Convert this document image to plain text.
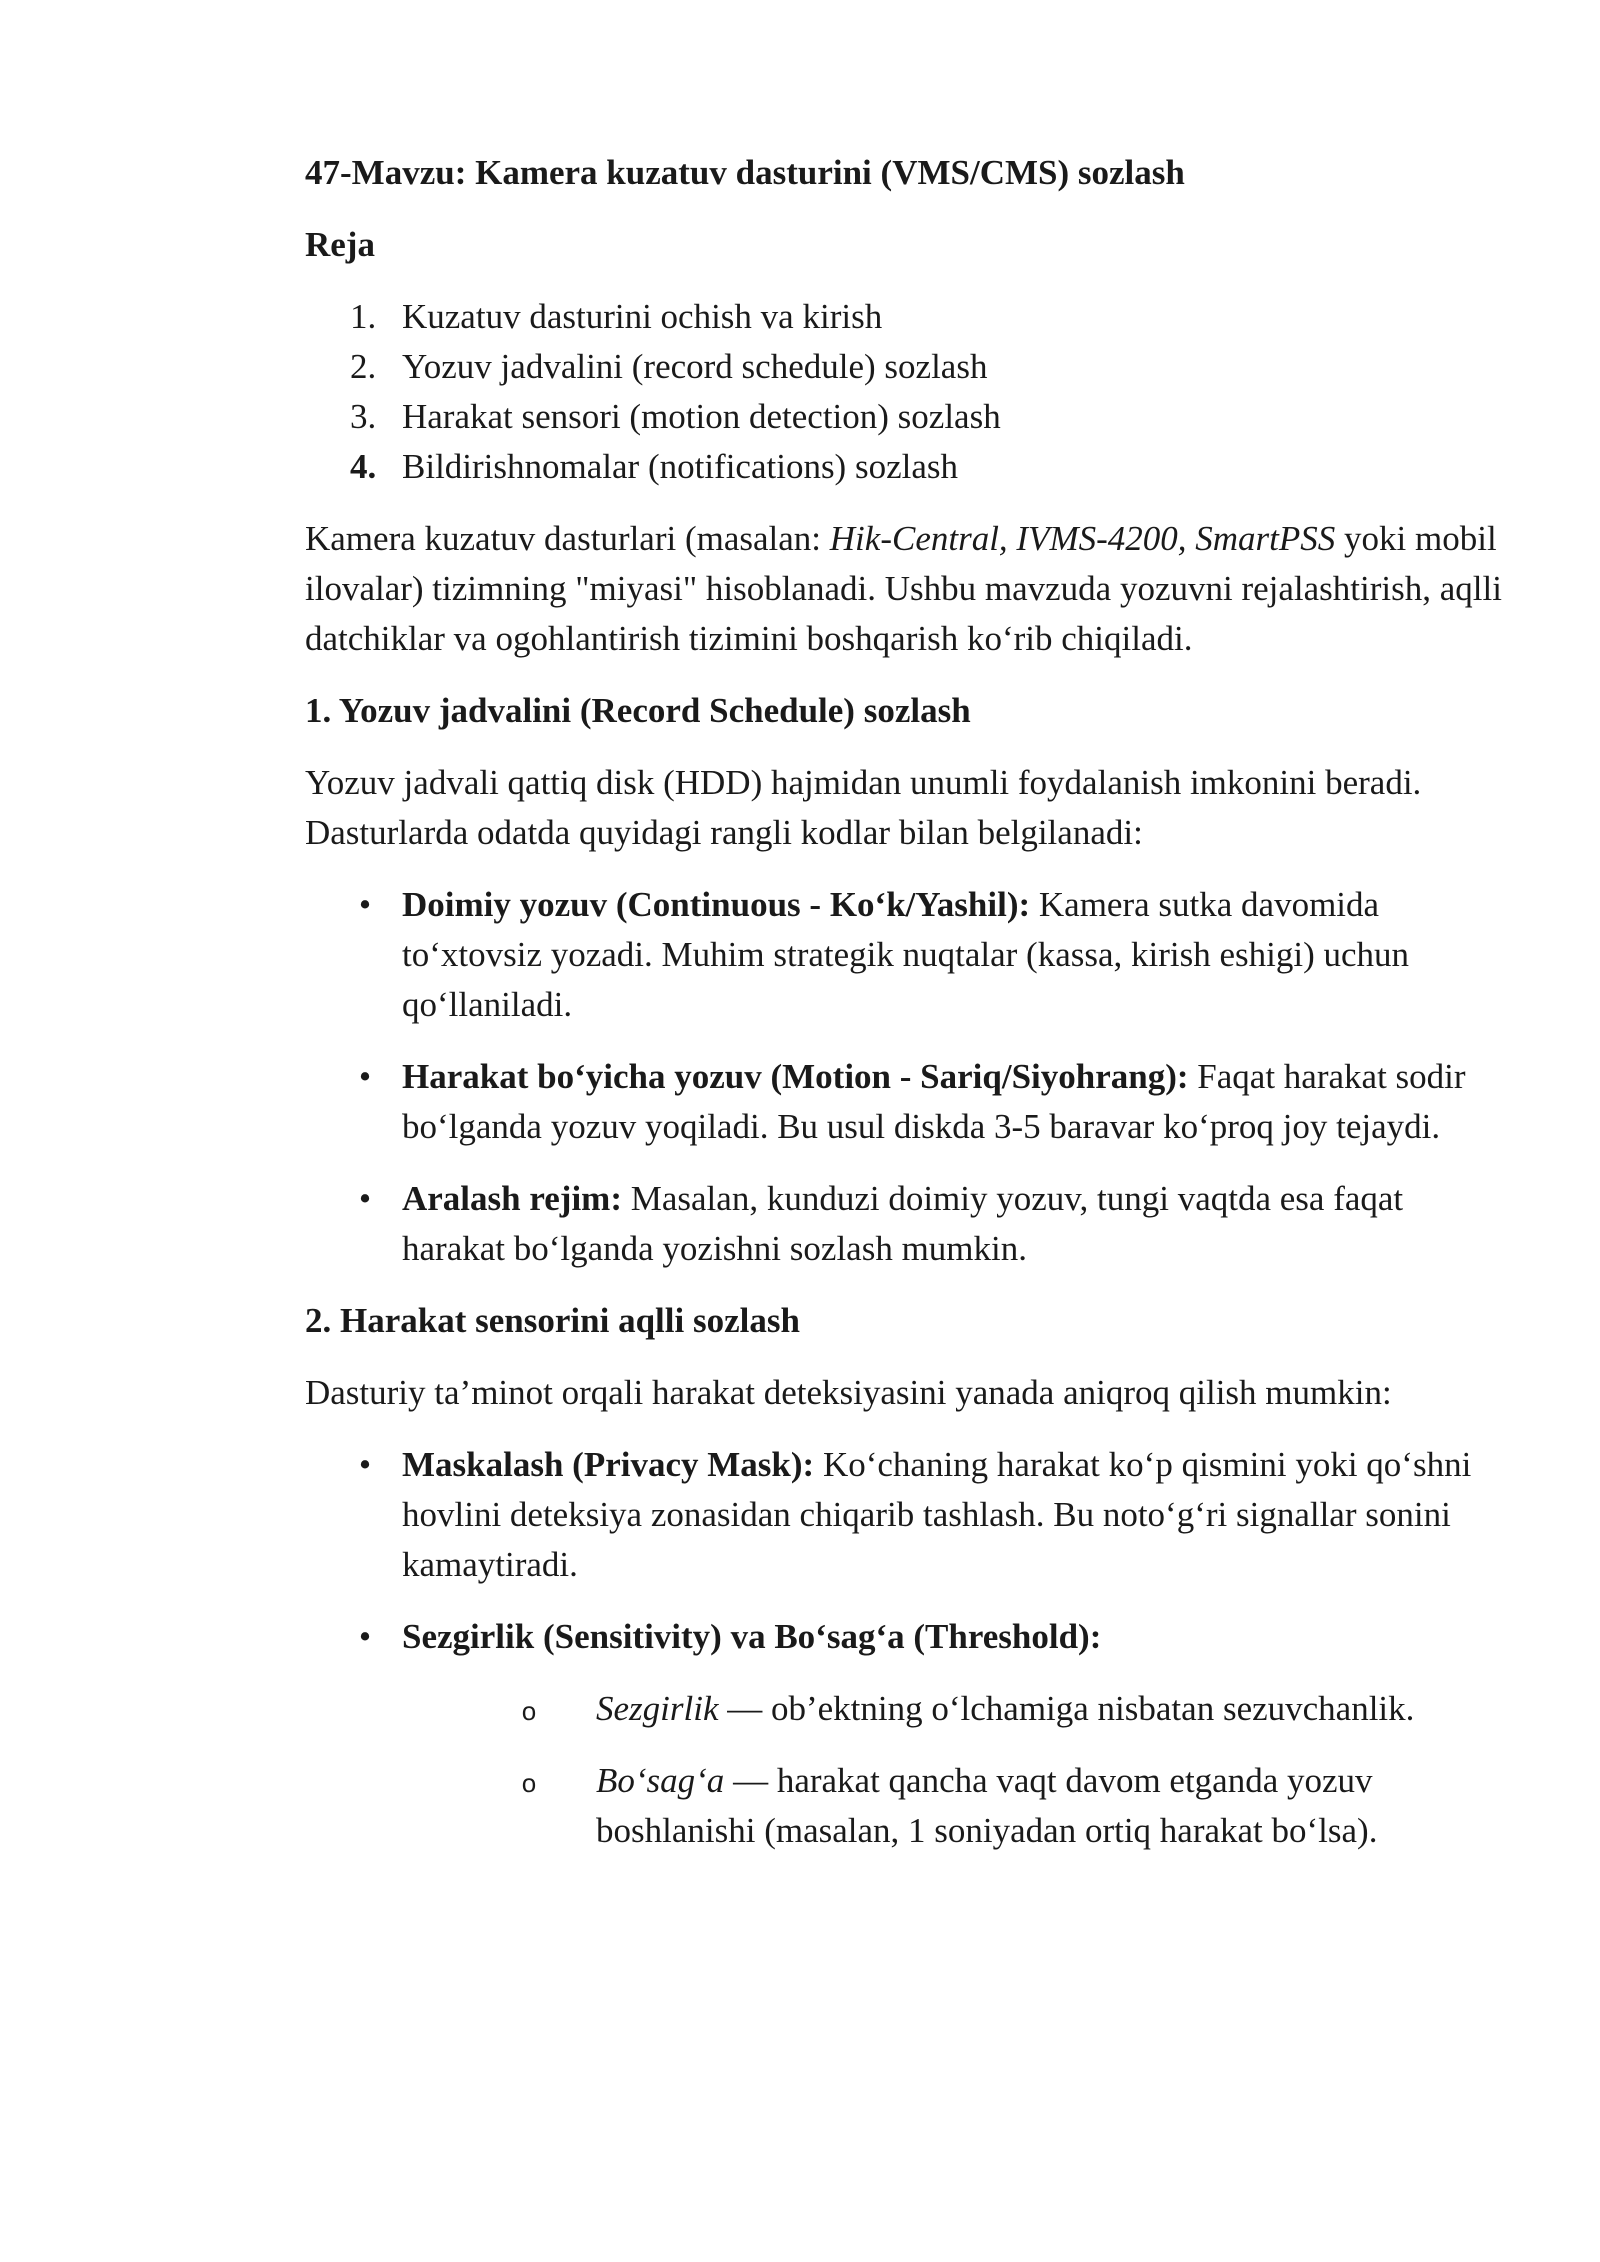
47-Mavzu: Kamera kuzatuv dasturini (VMS/CMS) sozlash
Reja
1. Kuzatuv dasturini ochish va kirish
2. Yozuv jadvalini (record schedule) sozlash
3. Harakat sensori (motion detection) sozlash
4. Bildirishnomalar (notifications) sozlash

Kamera kuzatuv dasturlari (masalan: Hik-Central, IVMS-4200, SmartPSS yoki mobil ilovalar) tizimning "miyasi" hisoblanadi. Ushbu mavzuda yozuvni rejalashtirish, aqlli datchiklar va ogohlantirish tizimini boshqarish ko‘rib chiqiladi.

1. Yozuv jadvalini (Record Schedule) sozlash

Yozuv jadvali qattiq disk (HDD) hajmidan unumli foydalanish imkonini beradi. Dasturlarda odatda quyidagi rangli kodlar bilan belgilanadi:

• Doimiy yozuv (Continuous - Ko‘k/Yashil): Kamera sutka davomida to‘xtovsiz yozadi. Muhim strategik nuqtalar (kassa, kirish eshigi) uchun qo‘llaniladi.
• Harakat bo‘yicha yozuv (Motion - Sariq/Siyohrang): Faqat harakat sodir bo‘lganda yozuv yoqiladi. Bu usul diskda 3-5 baravar ko‘proq joy tejaydi.
• Aralash rejim: Masalan, kunduzi doimiy yozuv, tungi vaqtda esa faqat harakat bo‘lganda yozishni sozlash mumkin.
2. Harakat sensorini aqlli sozlash

Dasturiy ta’minot orqali harakat deteksiyasini yanada aniqroq qilish mumkin:

• Maskalash (Privacy Mask): Ko‘chaning harakat ko‘p qismini yoki qo‘shni hovlini deteksiya zonasidan chiqarib tashlash. Bu noto‘g‘ri signallar sonini kamaytiradi.
• Sezgirlik (Sensitivity) va Bo‘sag‘a (Threshold):
o	Sezgirlik — ob’ektning o‘lchamiga nisbatan sezuvchanlik.
o	Bo‘sag‘a — harakat qancha vaqt davom etganda yozuv boshlanishi (masalan, 1 soniyadan ortiq harakat bo‘lsa).
